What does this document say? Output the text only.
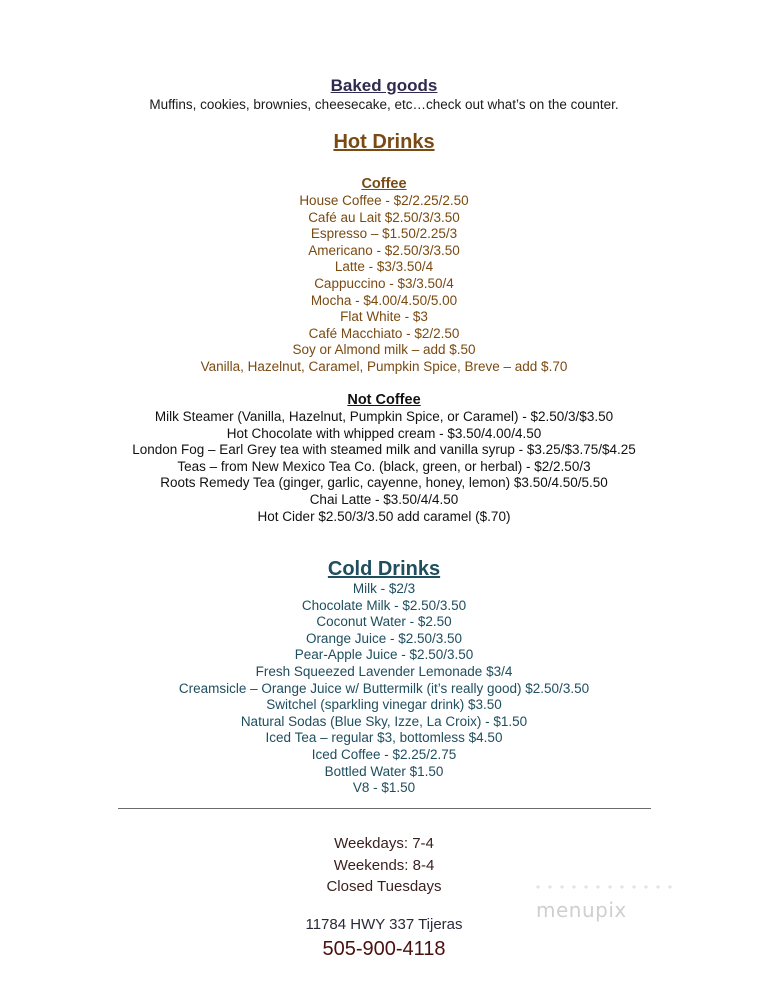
Baked goods
Muffins, cookies, brownies, cheesecake, etc…check out what’s on the counter.
Hot Drinks
Coffee
House Coffee - $2/2.25/2.50
Café au Lait $2.50/3/3.50
Espresso – $1.50/2.25/3
Americano - $2.50/3/3.50
Latte - $3/3.50/4
Cappuccino - $3/3.50/4
Mocha - $4.00/4.50/5.00
Flat White - $3
Café Macchiato - $2/2.50
Soy or Almond milk – add $.50
Vanilla, Hazelnut, Caramel, Pumpkin Spice, Breve – add $.70
Not Coffee
Milk Steamer (Vanilla, Hazelnut, Pumpkin Spice, or Caramel) - $2.50/3/$3.50
Hot Chocolate with whipped cream - $3.50/4.00/4.50
London Fog – Earl Grey tea with steamed milk and vanilla syrup - $3.25/$3.75/$4.25
Teas – from New Mexico Tea Co. (black, green, or herbal) - $2/2.50/3
Roots Remedy Tea (ginger, garlic, cayenne, honey, lemon) $3.50/4.50/5.50
Chai Latte - $3.50/4/4.50
Hot Cider $2.50/3/3.50 add caramel ($.70)
Cold Drinks
Milk - $2/3
Chocolate Milk - $2.50/3.50
Coconut Water - $2.50
Orange Juice - $2.50/3.50
Pear-Apple Juice - $2.50/3.50
Fresh Squeezed Lavender Lemonade $3/4
Creamsicle – Orange Juice w/ Buttermilk (it’s really good) $2.50/3.50
Switchel (sparkling vinegar drink) $3.50
Natural Sodas (Blue Sky, Izze, La Croix) - $1.50
Iced Tea – regular $3, bottomless $4.50
Iced Coffee - $2.25/2.75
Bottled Water $1.50
V8 - $1.50
Weekdays: 7-4
Weekends: 8-4
Closed Tuesdays
11784 HWY 337 Tijeras
505-900-4118
menupix
